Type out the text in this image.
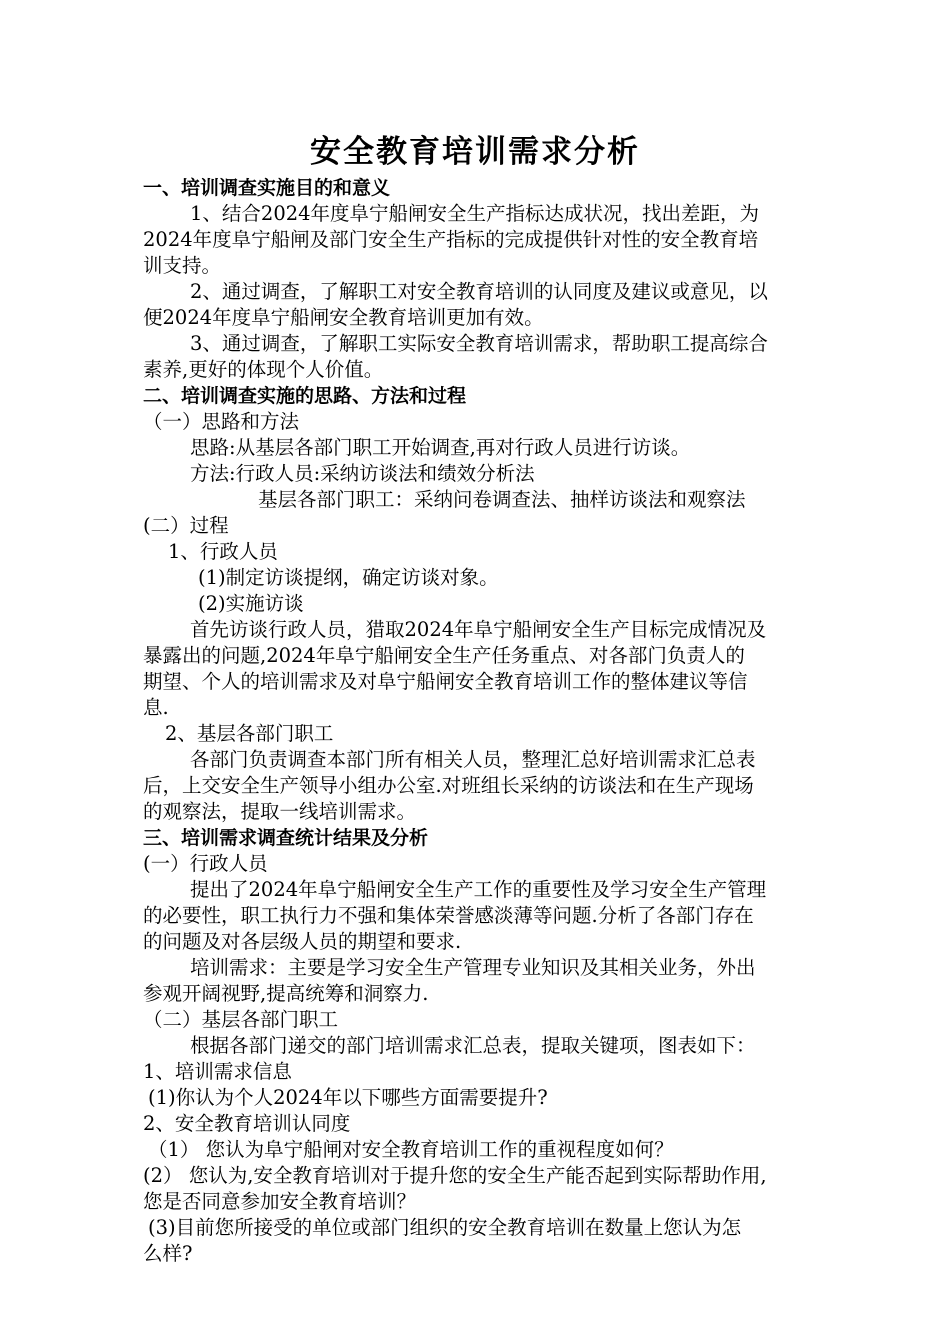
安全教育培训需求分析
一、培训调查实施目的和意义
1、结合2024年度阜宁船闸安全生产指标达成状况，找出差距，为
2024年度阜宁船闸及部门安全生产指标的完成提供针对性的安全教育培
训支持。
2、通过调查，了解职工对安全教育培训的认同度及建议或意见，以
便2024年度阜宁船闸安全教育培训更加有效。
3、通过调查，了解职工实际安全教育培训需求，帮助职工提高综合
素养,更好的体现个人价值。
二、培训调查实施的思路、方法和过程
（一）思路和方法
思路:从基层各部门职工开始调查,再对行政人员进行访谈。
方法:行政人员:采纳访谈法和绩效分析法
基层各部门职工：采纳问卷调查法、抽样访谈法和观察法
(二）过程
1、行政人员
(1)制定访谈提纲，确定访谈对象。
(2)实施访谈
首先访谈行政人员，猎取2024年阜宁船闸安全生产目标完成情况及
暴露出的问题,2024年阜宁船闸安全生产任务重点、对各部门负责人的
期望、个人的培训需求及对阜宁船闸安全教育培训工作的整体建议等信
息.
2、基层各部门职工
各部门负责调查本部门所有相关人员，整理汇总好培训需求汇总表
后，上交安全生产领导小组办公室.对班组长采纳的访谈法和在生产现场
的观察法，提取一线培训需求。
三、培训需求调查统计结果及分析
(一）行政人员
提出了2024年阜宁船闸安全生产工作的重要性及学习安全生产管理
的必要性，职工执行力不强和集体荣誉感淡薄等问题.分析了各部门存在
的问题及对各层级人员的期望和要求.
培训需求：主要是学习安全生产管理专业知识及其相关业务，外出
参观开阔视野,提高统筹和洞察力.
（二）基层各部门职工
根据各部门递交的部门培训需求汇总表，提取关键项，图表如下：
1、培训需求信息
(1)你认为个人2024年以下哪些方面需要提升?
2、安全教育培训认同度
（1） 您认为阜宁船闸对安全教育培训工作的重视程度如何？
(2） 您认为,安全教育培训对于提升您的安全生产能否起到实际帮助作用,
您是否同意参加安全教育培训？
(3)目前您所接受的单位或部门组织的安全教育培训在数量上您认为怎
么样?
